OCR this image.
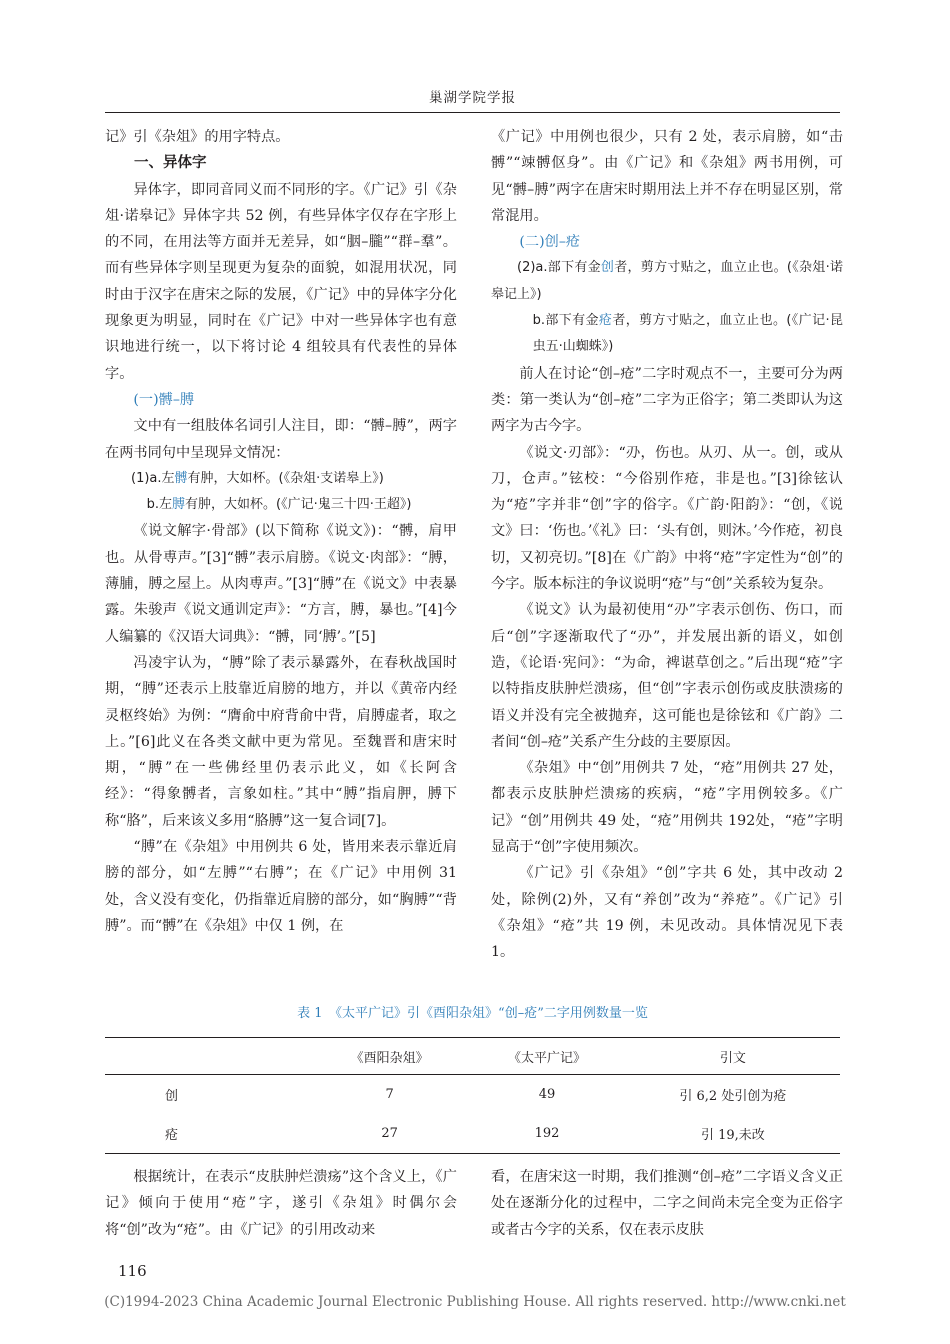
巢湖学院学报

记》引《杂俎》的用字特点。

一、异体字

异体字，即同音同义而不同形的字。《广记》引《杂俎·诺皋记》异体字共 52 例，有些异体字仅存在字形上的不同，在用法等方面并无差异，如“胭–朧”“群–羣”。而有些异体字则呈现更为复杂的面貌，如混用状况，同时由于汉字在唐宋之际的发展，《广记》中的异体字分化现象更为明显，同时在《广记》中对一些异体字也有意识地进行统一，以下将讨论 4 组较具有代表性的异体字。

(一)髆–膊

文中有一组肢体名词引人注目，即：“髆–膊”，两字在两书同句中呈现异文情况：

(1)a.左髆有肿，大如杯。(《杂俎·支诺皋上》)

b.左膊有肿，大如杯。(《广记·鬼三十四·王超》)

《说文解字·骨部》(以下简称《说文》)：“髆，肩甲也。从骨尃声。”[3]“髆”表示肩膀。《说文·肉部》：“膊，薄脯，膊之屋上。从肉尃声。”[3]“膊”在《说文》中表暴露。朱骏声《说文通训定声》：“方言，膊，暴也。”[4]今人编纂的《汉语大词典》：“髆，同‘膊’。”[5]

冯凌宇认为，“膊”除了表示暴露外，在春秋战国时期，“膊”还表示上肢靠近肩膀的地方，并以《黄帝内经灵枢终始》为例：“膺俞中府背俞中背，肩膊虚者，取之上。”[6]此义在各类文献中更为常见。至魏晋和唐宋时期，“膊”在一些佛经里仍表示此义，如《长阿含经》：“得象髆者，言象如柱。”其中“膊”指肩胛，膊下称“胳”，后来该义多用“胳膊”这一复合词[7]。

“膊”在《杂俎》中用例共 6 处，皆用来表示靠近肩膀的部分，如“左膊”“右膊”；在《广记》中用例 31 处，含义没有变化，仍指靠近肩膀的部分，如“胸膊”“背膊”。而“髆”在《杂俎》中仅 1 例，在

《广记》中用例也很少，只有 2 处，表示肩膀，如“击髆”“竦髆伛身”。由《广记》和《杂俎》两书用例，可见“髆–膊”两字在唐宋时期用法上并不存在明显区别，常常混用。

(二)创–疮

(2)a.部下有金创者，剪方寸贴之，血立止也。(《杂俎·诺皋记上》)

b.部下有金疮者，剪方寸贴之，血立止也。(《广记·昆虫五·山蜘蛛》)

前人在讨论“创–疮”二字时观点不一，主要可分为两类：第一类认为“创–疮”二字为正俗字；第二类即认为这两字为古今字。

《说文·刃部》：“刅，伤也。从刃、从一。创，或从刀，仓声。”铉校：“今俗别作疮，非是也。”[3]徐铉认为“疮”字并非“创”字的俗字。《广韵·阳韵》：“创，《说文》曰：‘伤也。’《礼》曰：‘头有创，则沐。’今作疮，初良切，又初亮切。”[8]在《广韵》中将“疮”字定性为“创”的今字。版本标注的争议说明“疮”与“创”关系较为复杂。

《说文》认为最初使用“刅”字表示创伤、伤口，而后“创”字逐渐取代了“刅”，并发展出新的语义，如创造，《论语·宪问》：“为命，裨谌草创之。”后出现“疮”字以特指皮肤肿烂溃疡，但“创”字表示创伤或皮肤溃疡的语义并没有完全被抛弃，这可能也是徐铉和《广韵》二者间“创–疮”关系产生分歧的主要原因。

《杂俎》中“创”用例共 7 处，“疮”用例共 27 处，都表示皮肤肿烂溃疡的疾病，“疮”字用例较多。《广记》“创”用例共 49 处，“疮”用例共 192处，“疮”字明显高于“创”字使用频次。

《广记》引《杂俎》“创”字共 6 处，其中改动 2 处，除例(2)外，又有“养创”改为“养疮”。《广记》引《杂俎》“疮”共 19 例，未见改动。具体情况见下表 1。

表 1　《太平广记》引《酉阳杂俎》“创–疮”二字用例数量一览
	《酉阳杂俎》	《太平广记》	引文
创	7	49	引 6,2 处引创为疮
疮	27	192	引 19,未改

根据统计，在表示“皮肤肿烂溃疡”这个含义上，《广记》倾向于使用“疮”字，遂引《杂俎》时偶尔会将“创”改为“疮”。由《广记》的引用改动来

看，在唐宋这一时期，我们推测“创–疮”二字语义含义正处在逐渐分化的过程中，二字之间尚未完全变为正俗字或者古今字的关系，仅在表示皮肤

116
(C)1994-2023 China Academic Journal Electronic Publishing House. All rights reserved. http://www.cnki.net
